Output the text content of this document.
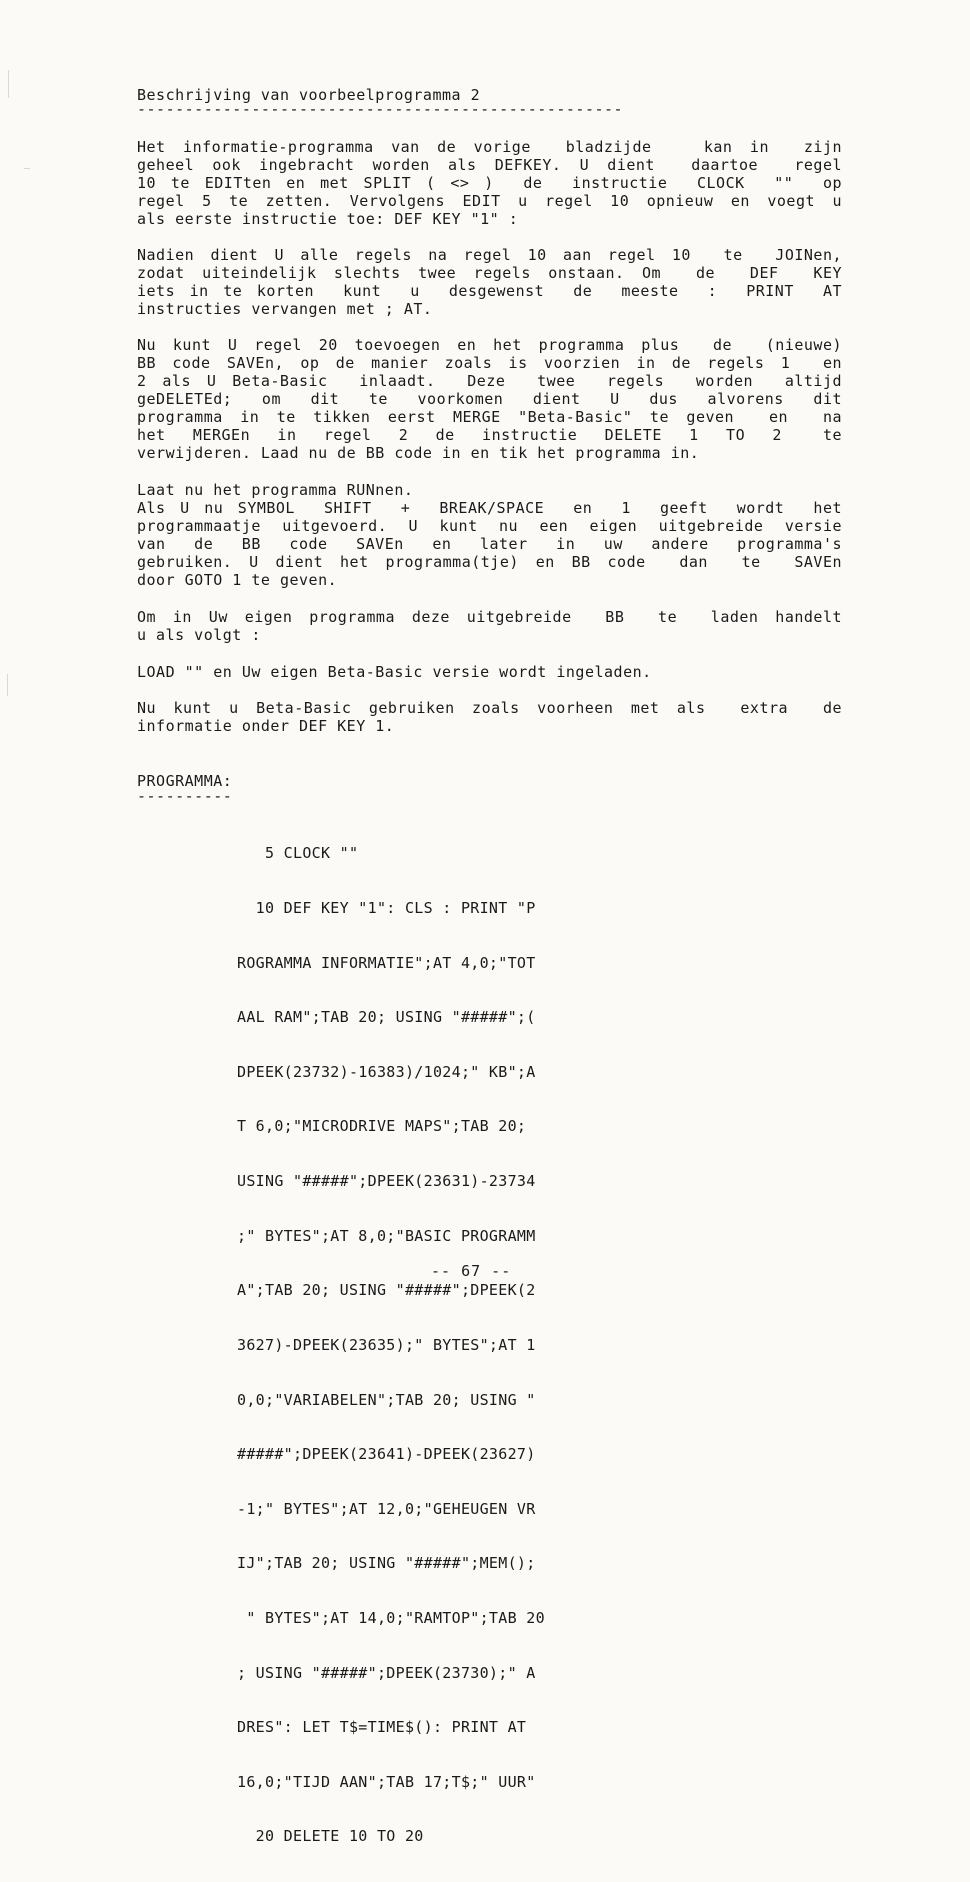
Beschrijving van voorbeelprogramma 2
---------------------------------------------------
Het informatie-programma van de vorige  bladzijde   kan in  zijn
geheel ook ingebracht worden als DEFKEY. U dient  daartoe  regel
10 te EDITten en met SPLIT ( <> )  de  instructie  CLOCK  ""  op
regel 5 te zetten. Vervolgens EDIT u regel 10 opnieuw en voegt u
als eerste instructie toe: DEF KEY "1" :
Nadien dient U alle regels na regel 10 aan regel 10  te  JOINen,
zodat uiteindelijk slechts twee regels onstaan. Om  de  DEF  KEY
iets in te korten  kunt  u  desgewenst  de  meeste  :  PRINT  AT
instructies vervangen met ; AT.
Nu kunt U regel 20 toevoegen en het programma plus  de  (nieuwe)
BB code SAVEn, op de manier zoals is voorzien in de regels 1  en
2 als U Beta-Basic  inlaadt.  Deze  twee  regels  worden  altijd
geDELETEd;  om  dit  te  voorkomen  dient  U  dus  alvorens  dit
programma in te tikken eerst MERGE "Beta-Basic" te geven  en  na
het  MERGEn  in  regel  2  de  instructie  DELETE  1  TO  2   te
verwijderen. Laad nu de BB code in en tik het programma in.
Laat nu het programma RUNnen.
Als U nu SYMBOL  SHIFT  +  BREAK/SPACE  en  1  geeft  wordt  het
programmaatje uitgevoerd. U kunt nu een eigen uitgebreide versie
van  de  BB  code  SAVEn  en  later  in  uw  andere  programma's
gebruiken. U dient het programma(tje) en BB code  dan  te  SAVEn
door GOTO 1 te geven.
Om in Uw eigen programma deze uitgebreide  BB  te  laden handelt
u als volgt :
LOAD "" en Uw eigen Beta-Basic versie wordt ingeladen.
Nu kunt u Beta-Basic gebruiken zoals voorheen met als  extra  de
informatie onder DEF KEY 1.
PROGRAMMA:
----------

5 CLOCK ""

10 DEF KEY "1": CLS : PRINT "P

ROGRAMMA INFORMATIE";AT 4,0;"TOT

AAL RAM";TAB 20; USING "#####";(

DPEEK(23732)-16383)/1024;" KB";A

T 6,0;"MICRODRIVE MAPS";TAB 20;

USING "#####";DPEEK(23631)-23734

;" BYTES";AT 8,0;"BASIC PROGRAMM

A";TAB 20; USING "#####";DPEEK(2

3627)-DPEEK(23635);" BYTES";AT 1

0,0;"VARIABELEN";TAB 20; USING "

#####";DPEEK(23641)-DPEEK(23627)

-1;" BYTES";AT 12,0;"GEHEUGEN VR

IJ";TAB 20; USING "#####";MEM();

" BYTES";AT 14,0;"RAMTOP";TAB 20

; USING "#####";DPEEK(23730);" A

DRES": LET T$=TIME$(): PRINT AT

16,0;"TIJD AAN";TAB 17;T$;" UUR"

20 DELETE 10 TO 20

-- 67 --
